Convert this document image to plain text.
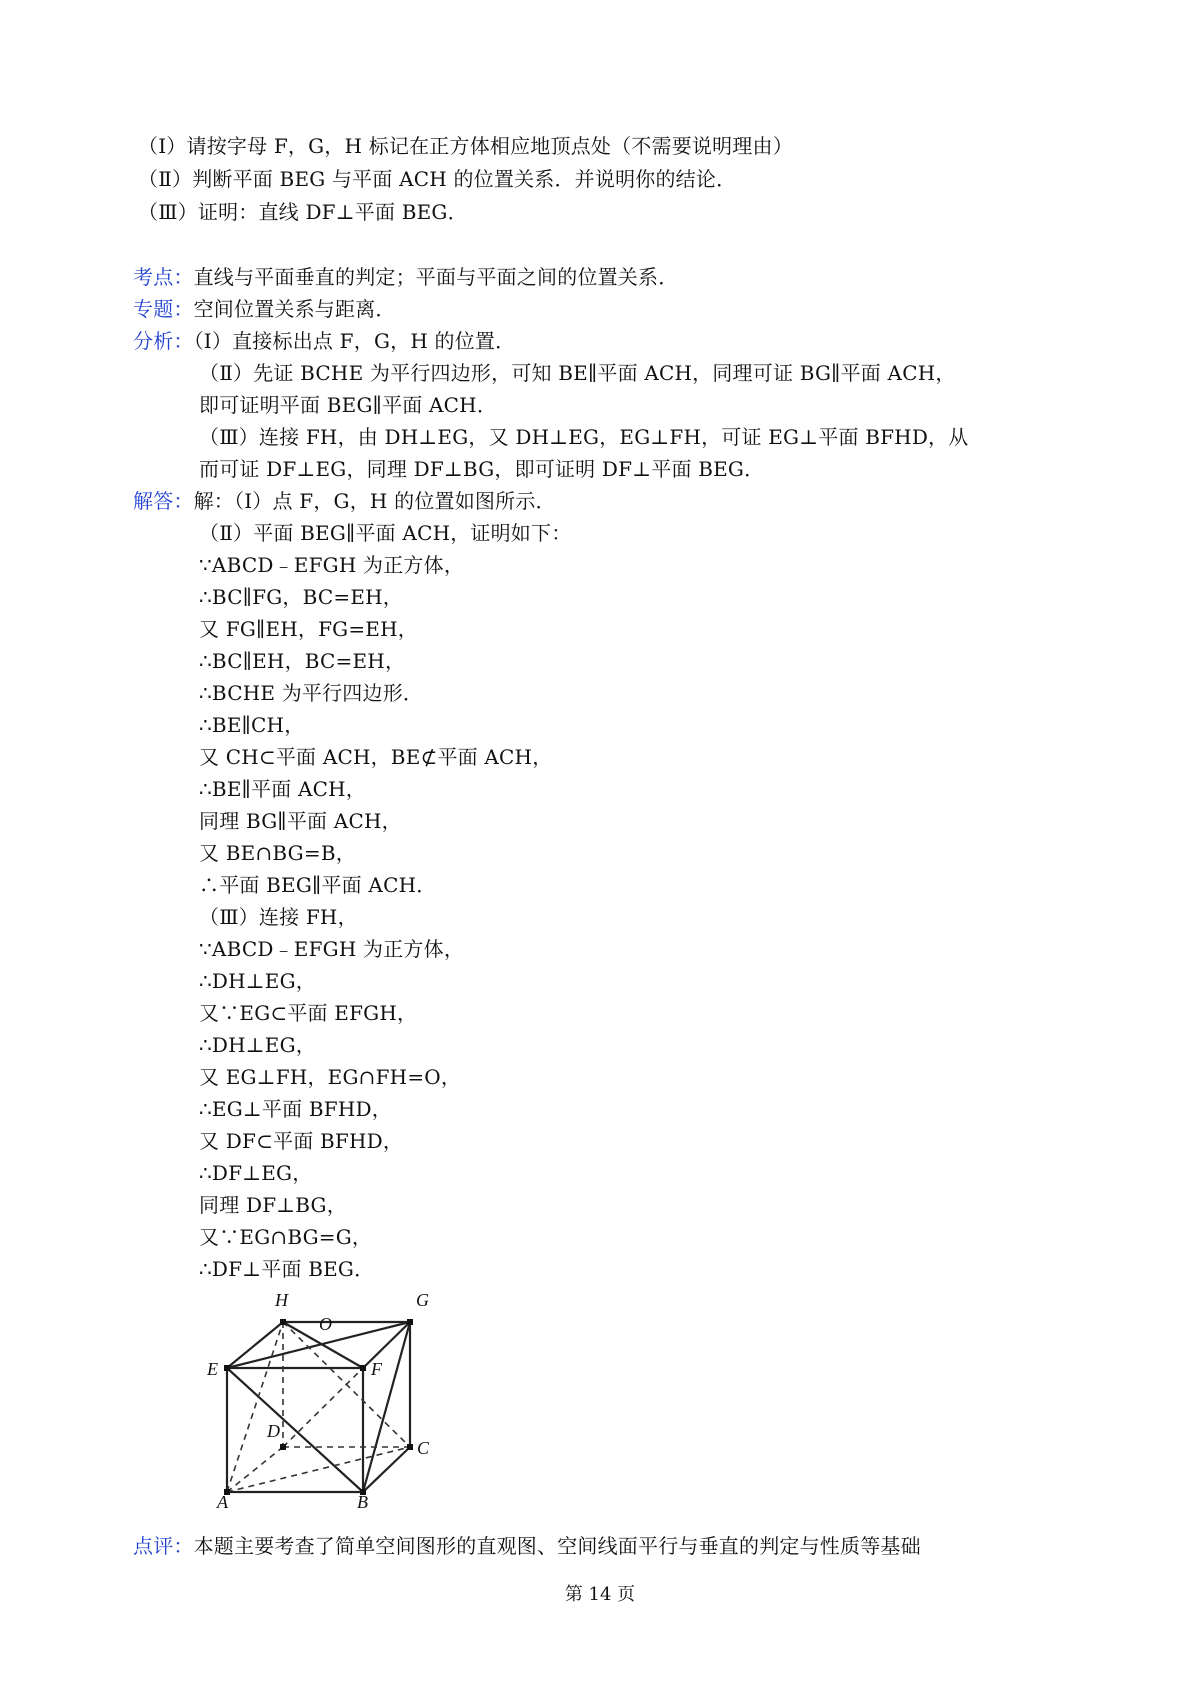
（Ⅰ）请按字母 F，G，H 标记在正方体相应地顶点处（不需要说明理由）
（Ⅱ）判断平面 BEG 与平面 ACH 的位置关系．并说明你的结论．
（Ⅲ）证明：直线 DF⊥平面 BEG．
考点：直线与平面垂直的判定；平面与平面之间的位置关系．
专题：空间位置关系与距离．
分析：（Ⅰ）直接标出点 F，G，H 的位置．
（Ⅱ）先证 BCHE 为平行四边形，可知 BE∥平面 ACH，同理可证 BG∥平面 ACH，
即可证明平面 BEG∥平面 ACH．
（Ⅲ）连接 FH，由 DH⊥EG，又 DH⊥EG，EG⊥FH，可证 EG⊥平面 BFHD，从
而可证 DF⊥EG，同理 DF⊥BG，即可证明 DF⊥平面 BEG．
解答：解：（Ⅰ）点 F，G，H 的位置如图所示．
（Ⅱ）平面 BEG∥平面 ACH，证明如下：
∵ABCD﹣EFGH 为正方体，
∴BC∥FG，BC=EH，
又 FG∥EH，FG=EH，
∴BC∥EH，BC=EH，
∴BCHE 为平行四边形．
∴BE∥CH，
又 CH⊂平面 ACH，BE⊄平面 ACH，
∴BE∥平面 ACH，
同理 BG∥平面 ACH，
又 BE∩BG=B，
∴平面 BEG∥平面 ACH．
（Ⅲ）连接 FH，
∵ABCD﹣EFGH 为正方体，
∴DH⊥EG，
又∵EG⊂平面 EFGH，
∴DH⊥EG，
又 EG⊥FH，EG∩FH=O，
∴EG⊥平面 BFHD，
又 DF⊂平面 BFHD，
∴DF⊥EG，
同理 DF⊥BG，
又∵EG∩BG=G，
∴DF⊥平面 BEG．
H
O
G
E	F
D
C
A	B
点评：本题主要考查了简单空间图形的直观图、空间线面平行与垂直的判定与性质等基础
第 14 页
